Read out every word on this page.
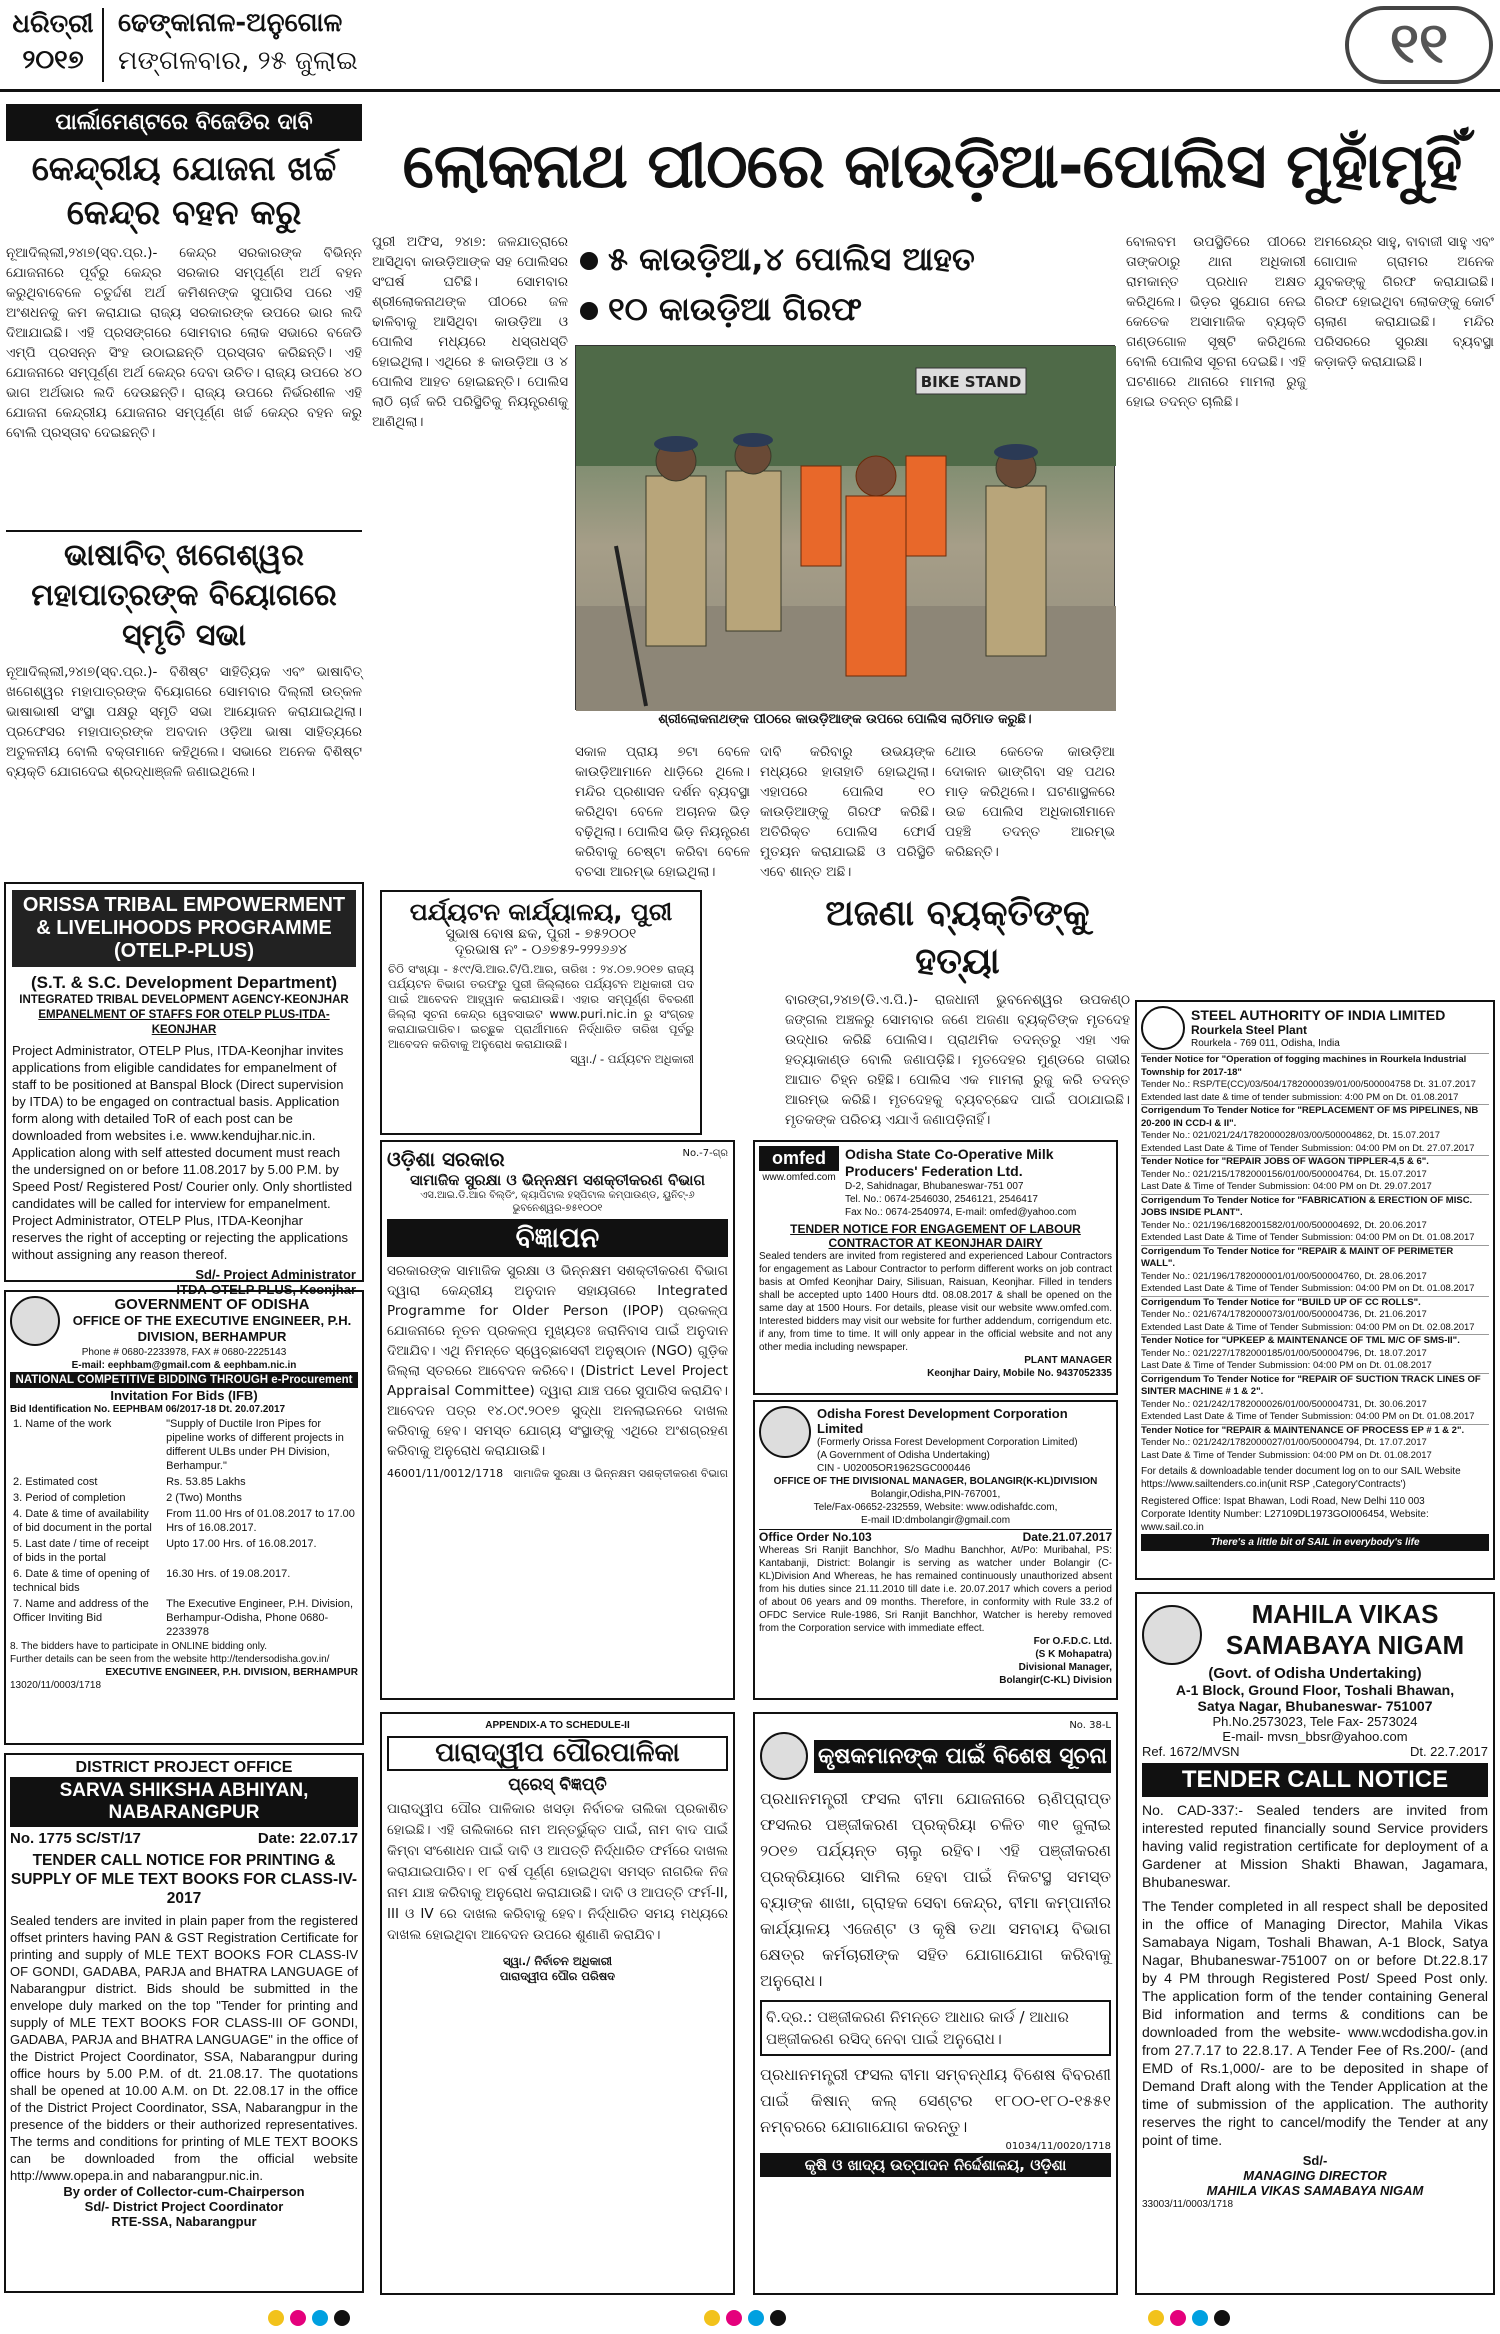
ଧରିତ୍ରୀ
୨୦୧୭
ଢେଙ୍କାନାଳ-ଅନୁଗୋଳ
ମଙ୍ଗଳବାର, ୨୫ ଜୁଲାଇ	୧୧
ପାର୍ଲାମେଣ୍ଟରେ ବିଜେଡିର ଦାବି
କେନ୍ଦ୍ରୀୟ ଯୋଜନା ଖର୍ଚ୍ଚ କେନ୍ଦ୍ର ବହନ କରୁ
ନୂଆଦିଲ୍ଲୀ,୨୪ା୭(ସ୍ବ.ପ୍ର.)- କେନ୍ଦ୍ର ସରକାରଙ୍କ ବିଭିନ୍ନ ଯୋଜନାରେ ପୂର୍ବରୁ କେନ୍ଦ୍ର ସରକାର ସମ୍ପୂର୍ଣ୍ଣ ଅର୍ଥ ବହନ କରୁଥିବାବେଳେ ଚତୁର୍ଦ୍ଦଶ ଅର୍ଥ କମିଶନଙ୍କ ସୁପାରିସ ପରେ ଏହି ଅଂଶଧନକୁ କମ କରାଯାଇ ରାଜ୍ୟ ସରକାରଙ୍କ ଉପରେ ଭାର ଲଦି ଦିଆଯାଇଛି। ଏହି ପ୍ରସଙ୍ଗରେ ସୋମବାର ଲୋକ ସଭାରେ ବଜେଡି ଏମ୍ପି ପ୍ରସନ୍ନ ସିଂହ ଉଠାଇଛନ୍ତି ପ୍ରସ୍ତାବ କରିଛନ୍ତି। ଏହି ଯୋଜନାରେ ସମ୍ପୂର୍ଣ୍ଣ ଅର୍ଥ କେନ୍ଦ୍ର ଦେବା ଉଚିତ। ରାଜ୍ୟ ଉପରେ ୪୦ ଭାଗ ଅର୍ଥଭାର ଲଦି ଦେଉଛନ୍ତି। ରାଜ୍ୟ ଉପରେ ନିର୍ଭରଶୀଳ ଏହି ଯୋଜନା କେନ୍ଦ୍ରୀୟ ଯୋଜନାର ସମ୍ପୂର୍ଣ୍ଣ ଖର୍ଚ୍ଚ କେନ୍ଦ୍ର ବହନ କରୁ ବୋଲି ପ୍ରସ୍ତାବ ଦେଇଛନ୍ତି।
ଭାଷାବିତ୍ ଖଗେଶ୍ୱର ମହାପାତ୍ରଙ୍କ ବିୟୋଗରେ ସ୍ମୃତି ସଭା
ନୂଆଦିଲ୍ଲୀ,୨୪ା୭(ସ୍ବ.ପ୍ର.)- ବିଶିଷ୍ଟ ସାହିତ୍ୟିକ ଏବଂ ଭାଷାବିତ୍ ଖଗେଶ୍ୱର ମହାପାତ୍ରଙ୍କ ବିୟୋଗରେ ସୋମବାର ଦିଲ୍ଲୀ ଉତ୍କଳ ଭାଷାଭାଷୀ ସଂସ୍ଥା ପକ୍ଷରୁ ସ୍ମୃତି ସଭା ଆୟୋଜନ କରାଯାଇଥିଲା। ପ୍ରଫେସର ମହାପାତ୍ରଙ୍କ ଅବଦାନ ଓଡ଼ିଆ ଭାଷା ସାହିତ୍ୟରେ ଅତୁଳନୀୟ ବୋଲି ବକ୍ତାମାନେ କହିଥିଲେ। ସଭାରେ ଅନେକ ବିଶିଷ୍ଟ ବ୍ୟକ୍ତି ଯୋଗଦେଇ ଶ୍ରଦ୍ଧାଞ୍ଜଳି ଜଣାଇଥିଲେ।
ORISSA TRIBAL EMPOWERMENT & LIVELIHOODS PROGRAMME (OTELP-PLUS)
(S.T. & S.C. Development Department)
INTEGRATED TRIBAL DEVELOPMENT AGENCY-KEONJHAR
EMPANELMENT OF STAFFS FOR OTELP PLUS-ITDA-KEONJHAR
Project Administrator, OTELP Plus, ITDA-Keonjhar invites applications from eligible candidates for empanelment of staff to be positioned at Banspal Block (Direct supervision by ITDA) to be engaged on contractual basis. Application form along with detailed ToR of each post can be downloaded from websites i.e. www.kendujhar.nic.in. Application along with self attested document must reach the undersigned on or before 11.08.2017 by 5.00 P.M. by Speed Post/ Registered Post/ Courier only. Only shortlisted candidates will be called for interview for empanelment. Project Administrator, OTELP Plus, ITDA-Keonjhar reserves the right of accepting or rejecting the applications without assigning any reason thereof.
Sd/- Project Administrator
ITDA-OTELP PLUS, Keonjhar
GOVERNMENT OF ODISHA
OFFICE OF THE EXECUTIVE ENGINEER, P.H. DIVISION, BERHAMPUR
Phone # 0680-2233978, FAX # 0680-2225143
E-mail: eephbam@gmail.com & eephbam.nic.in
NATIONAL COMPETITIVE BIDDING THROUGH e-Procurement
Invitation For Bids (IFB)
Bid Identification No. EEPHBAM 06/2017-18 Dt. 20.07.2017
1. Name of the work	"Supply of Ductile Iron Pipes for pipeline works of different projects in different ULBs under PH Division, Berhampur."
2. Estimated cost	Rs. 53.85 Lakhs
3. Period of completion	2 (Two) Months
4. Date & time of availability of bid document in the portal	From 11.00 Hrs of 01.08.2017 to 17.00 Hrs of 16.08.2017.
5. Last date / time of receipt of bids in the portal	Upto 17.00 Hrs. of 16.08.2017.
6. Date & time of opening of technical bids	16.30 Hrs. of 19.08.2017.
7. Name and address of the Officer Inviting Bid	The Executive Engineer, P.H. Division, Berhampur-Odisha, Phone 0680- 2233978
8. The bidders have to participate in ONLINE bidding only.
Further details can be seen from the website http://tendersodisha.gov.in/
EXECUTIVE ENGINEER, P.H. DIVISION, BERHAMPUR
13020/11/0003/1718
DISTRICT PROJECT OFFICE
SARVA SHIKSHA ABHIYAN, NABARANGPUR
No. 1775 SC/ST/17	Date: 22.07.17
TENDER CALL NOTICE FOR PRINTING & SUPPLY OF MLE TEXT BOOKS FOR CLASS-IV-2017
Sealed tenders are invited in plain paper from the registered offset printers having PAN & GST Registration Certificate for printing and supply of MLE TEXT BOOKS FOR CLASS-IV OF GONDI, GADABA, PARJA and BHATRA LANGUAGE of Nabarangpur district. Bids should be submitted in the envelope duly marked on the top "Tender for printing and supply of MLE TEXT BOOKS FOR CLASS-III OF GONDI, GADABA, PARJA and BHATRA LANGUAGE" in the office of the District Project Coordinator, SSA, Nabarangpur during office hours by 5.00 P.M. of dt. 21.08.17. The quotations shall be opened at 10.00 A.M. on Dt. 22.08.17 in the office of the District Project Coordinator, SSA, Nabarangpur in the presence of the bidders or their authorized representatives. The terms and conditions for printing of MLE TEXT BOOKS can be downloaded from the official website http://www.opepa.in and nabarangpur.nic.in.
By order of Collector-cum-Chairperson
Sd/- District Project Coordinator
RTE-SSA, Nabarangpur
ଲୋକନାଥ ପୀଠରେ କାଉଡ଼ିଆ-ପୋଲିସ ମୁହାଁମୁହିଁ
ପୁରୀ ଅଫିସ, ୨୪ା୭: ଜଳଯାତ୍ରାରେ ଆସିଥିବା କାଉଡ଼ିଆଙ୍କ ସହ ପୋଲିସର ସଂଘର୍ଷ ଘଟିଛି। ସୋମବାର ଶ୍ରୀଲୋକନାଥଙ୍କ ପୀଠରେ ଜଳ ଢାଳିବାକୁ ଆସିଥିବା କାଉଡ଼ିଆ ଓ ପୋଲିସ ମଧ୍ୟରେ ଧସ୍ତାଧସ୍ତି ହୋଇଥିଲା। ଏଥିରେ ୫ କାଉଡ଼ିଆ ଓ ୪ ପୋଲିସ ଆହତ ହୋଇଛନ୍ତି। ପୋଲିସ ଲାଠି ଚାର୍ଜ କରି ପରିସ୍ଥିତିକୁ ନିୟନ୍ତ୍ରଣକୁ ଆଣିଥିଲା।
୫ କାଉଡ଼ିଆ,୪ ପୋଲିସ ଆହତ
୧୦ କାଉଡ଼ିଆ ଗିରଫ
BIKE STAND
ଶ୍ରୀଲୋକନାଥଙ୍କ ପୀଠରେ କାଉଡ଼ିଆଙ୍କ ଉପରେ ପୋଲିସ ଲାଠିମାଡ କରୁଛି।
ସକାଳ ପ୍ରାୟ ୭ଟା ବେଳେ କାଉଡ଼ିଆମାନେ ଧାଡ଼ିରେ ଥିଲେ। ମନ୍ଦିର ପ୍ରଶାସନ ଦର୍ଶନ ବ୍ୟବସ୍ଥା କରିଥିବା ବେଳେ ଅଚାନକ ଭିଡ଼ ବଢ଼ିଥିଲା। ପୋଲିସ ଭିଡ଼ ନିୟନ୍ତ୍ରଣ କରିବାକୁ ଚେଷ୍ଟା କରିବା ବେଳେ ବଚସା ଆରମ୍ଭ ହୋଇଥିଲା।
ଦାବି କରିବାରୁ ଉଭୟଙ୍କ ମଧ୍ୟରେ ହାତାହାତି ହୋଇଥିଲା। ଏହାପରେ ପୋଲିସ ୧୦ କାଉଡ଼ିଆଙ୍କୁ ଗିରଫ କରିଛି। ଅତିରିକ୍ତ ପୋଲିସ ଫୋର୍ସ ମୁତୟନ କରାଯାଇଛି ଓ ପରିସ୍ଥିତି ଏବେ ଶାନ୍ତ ଅଛି।
ଥୋଉ କେତେକ କାଉଡ଼ିଆ ଦୋକାନ ଭାଙ୍ଗିବା ସହ ପଥର ମାଡ଼ କରିଥିଲେ। ଘଟଣାସ୍ଥଳରେ ଉଚ୍ଚ ପୋଲିସ ଅଧିକାରୀମାନେ ପହଞ୍ଚି ତଦନ୍ତ ଆରମ୍ଭ କରିଛନ୍ତି।
ବୋଲବମ ଉପସ୍ଥିତିରେ ପୀଠରେ ତାଙ୍କଠାରୁ ଥାନା ଅଧିକାରୀ ରାମକାନ୍ତ ପ୍ରଧାନ ଅକ୍ଷତ କରିଥିଲେ। ଭିଡ଼ର ସୁଯୋଗ ନେଇ କେତେକ ଅସାମାଜିକ ବ୍ୟକ୍ତି ଗଣ୍ଡଗୋଳ ସୃଷ୍ଟି କରିଥିଲେ ବୋଲି ପୋଲିସ ସୂଚନା ଦେଇଛି। ଏହି ଘଟଣାରେ ଥାନାରେ ମାମଲା ରୁଜୁ ହୋଇ ତଦନ୍ତ ଚାଲିଛି।
ଅମରେନ୍ଦ୍ର ସାହୁ, ବାବାଜୀ ସାହୁ ଏବଂ ଗୋପାଳ ଗ୍ରାମର ଅନେକ ଯୁବକଙ୍କୁ ଗିରଫ କରାଯାଇଛି। ଗିରଫ ହୋଇଥିବା ଲୋକଙ୍କୁ କୋର୍ଟ ଚାଲାଣ କରାଯାଇଛି। ମନ୍ଦିର ପରିସରରେ ସୁରକ୍ଷା ବ୍ୟବସ୍ଥା କଡ଼ାକଡ଼ି କରାଯାଇଛି।
ପର୍ଯ୍ୟଟନ କାର୍ଯ୍ୟାଳୟ, ପୁରୀ
ସୁଭାଷ ବୋଷ ଛକ, ପୁରୀ - ୭୫୨୦୦୧
ଦୂରଭାଷ ନଂ - ୦୬୭୫୨-୨୨୨୬୬୪
ଚିଠି ସଂଖ୍ୟା - ୫୯୯/ସି.ଆର.ଟି/ପି.ଆର, ତାରିଖ : ୨୪.୦୭.୨୦୧୭ ରାଜ୍ୟ ପର୍ଯ୍ୟଟନ ବିଭାଗ ତରଫରୁ ପୁରୀ ଜିଲ୍ଲାରେ ପର୍ଯ୍ୟଟନ ଅଧିକାରୀ ପଦ ପାଇଁ ଆବେଦନ ଆହ୍ୱାନ କରାଯାଉଛି। ଏହାର ସମ୍ପୂର୍ଣ୍ଣ ବିବରଣୀ ଜିଲ୍ଲା ସୂଚନା କେନ୍ଦ୍ର ୱେବସାଇଟ www.puri.nic.in ରୁ ସଂଗ୍ରହ କରାଯାଇପାରିବ। ଇଚ୍ଛୁକ ପ୍ରାର୍ଥୀମାନେ ନିର୍ଦ୍ଧାରିତ ତାରିଖ ପୂର୍ବରୁ ଆବେଦନ କରିବାକୁ ଅନୁରୋଧ କରାଯାଉଛି।
ସ୍ୱା./ - ପର୍ଯ୍ୟଟନ ଅଧିକାରୀ
ଅଜଣା ବ୍ୟକ୍ତିଙ୍କୁ ହତ୍ୟା
ବାରଙ୍ଗ,୨୪ା୭(ଡି.ଏ.ପି.)- ରାଜଧାନୀ ଭୁବନେଶ୍ୱର ଉପକଣ୍ଠ ଜଙ୍ଗଲ ଅଞ୍ଚଳରୁ ସୋମବାର ଜଣେ ଅଜଣା ବ୍ୟକ୍ତିଙ୍କ ମୃତଦେହ ଉଦ୍ଧାର କରିଛି ପୋଲିସ। ପ୍ରାଥମିକ ତଦନ୍ତରୁ ଏହା ଏକ ହତ୍ୟାକାଣ୍ଡ ବୋଲି ଜଣାପଡ଼ିଛି। ମୃତଦେହର ମୁଣ୍ଡରେ ଗଭୀର ଆଘାତ ଚିହ୍ନ ରହିଛି। ପୋଲିସ ଏକ ମାମଲା ରୁଜୁ କରି ତଦନ୍ତ ଆରମ୍ଭ କରିଛି। ମୃତଦେହକୁ ବ୍ୟବଚ୍ଛେଦ ପାଇଁ ପଠାଯାଇଛି। ମୃତକଙ୍କ ପରିଚୟ ଏଯାଏଁ ଜଣାପଡ଼ିନାହିଁ।
ଓଡ଼ିଶା ସରକାର	No.-7-ଗ୍ର
ସାମାଜିକ ସୁରକ୍ଷା ଓ ଭିନ୍ନକ୍ଷମ ସଶକ୍ତୀକରଣ ବିଭାଗ
ଏସ.ଆଇ.ଡି.ଆର ବିଲ୍ଡିଂ, କ୍ୟାପିଟାଲ ହସ୍ପିଟାଲ କମ୍ପାଉଣ୍ଡ, ୟୁନିଟ୍-୬ ଭୁବନେଶ୍ୱର-୭୫୧୦୦୧
ବିଜ୍ଞାପନ
ସରକାରଙ୍କ ସାମାଜିକ ସୁରକ୍ଷା ଓ ଭିନ୍ନକ୍ଷମ ସଶକ୍ତୀକରଣ ବିଭାଗ ଦ୍ୱାରା କେନ୍ଦ୍ରୀୟ ଅନୁଦାନ ସହାୟତାରେ Integrated Programme for Older Person (IPOP) ପ୍ରକଳ୍ପ ଯୋଜନାରେ ନୂତନ ପ୍ରକଳ୍ପ ମୁଖ୍ୟତଃ ଜରାନିବାସ ପାଇଁ ଅନୁଦାନ ଦିଆଯିବ। ଏଥି ନିମନ୍ତେ ସ୍ୱେଚ୍ଛାସେବୀ ଅନୁଷ୍ଠାନ (NGO) ଗୁଡ଼ିକ ଜିଲ୍ଲା ସ୍ତରରେ ଆବେଦନ କରିବେ। (District Level Project Appraisal Committee) ଦ୍ୱାରା ଯାଞ୍ଚ ପରେ ସୁପାରିସ କରାଯିବ। ଆବେଦନ ପତ୍ର ୧୪.୦୯.୨୦୧୭ ସୁଦ୍ଧା ଅନଲାଇନରେ ଦାଖଲ କରିବାକୁ ହେବ। ସମସ୍ତ ଯୋଗ୍ୟ ସଂସ୍ଥାଙ୍କୁ ଏଥିରେ ଅଂଶଗ୍ରହଣ କରିବାକୁ ଅନୁରୋଧ କରାଯାଉଛି।
46001/11/0012/1718 ସାମାଜିକ ସୁରକ୍ଷା ଓ ଭିନ୍ନକ୍ଷମ ସଶକ୍ତୀକରଣ ବିଭାଗ
APPENDIX-A TO SCHEDULE-II
ପାରାଦ୍ୱୀପ ପୌରପାଳିକା
ପ୍ରେସ୍ ବିଜ୍ଞପ୍ତି
ପାରାଦ୍ୱୀପ ପୌର ପାଳିକାର ଖସଡ଼ା ନିର୍ବାଚକ ତାଲିକା ପ୍ରକାଶିତ ହୋଇଛି। ଏହି ତାଲିକାରେ ନାମ ଅନ୍ତର୍ଭୁକ୍ତ ପାଇଁ, ନାମ ବାଦ ପାଇଁ କିମ୍ବା ସଂଶୋଧନ ପାଇଁ ଦାବି ଓ ଆପତ୍ତି ନିର୍ଦ୍ଧାରିତ ଫର୍ମରେ ଦାଖଲ କରାଯାଇପାରିବ। ୧୮ ବର୍ଷ ପୂର୍ଣ୍ଣ ହୋଇଥିବା ସମସ୍ତ ନାଗରିକ ନିଜ ନାମ ଯାଞ୍ଚ କରିବାକୁ ଅନୁରୋଧ କରାଯାଉଛି। ଦାବି ଓ ଆପତ୍ତି ଫର୍ମ-II, III ଓ IV ରେ ଦାଖଲ କରିବାକୁ ହେବ। ନିର୍ଦ୍ଧାରିତ ସମୟ ମଧ୍ୟରେ ଦାଖଲ ହୋଇଥିବା ଆବେଦନ ଉପରେ ଶୁଣାଣି କରାଯିବ।
ସ୍ୱା./ ନିର୍ବାଚନ ଅଧିକାରୀ
ପାରାଦ୍ୱୀପ ପୌର ପରିଷଦ
omfed
www.omfed.com
Odisha State Co-Operative Milk Producers' Federation Ltd.
D-2, Sahidnagar, Bhubaneswar-751 007
Tel. No.: 0674-2546030, 2546121, 2546417
Fax No.: 0674-2540974, E-mail: omfed@yahoo.com
TENDER NOTICE FOR ENGAGEMENT OF LABOUR CONTRACTOR AT KEONJHAR DAIRY
Sealed tenders are invited from registered and experienced Labour Contractors for engagement as Labour Contractor to perform different works on job contract basis at Omfed Keonjhar Dairy, Silisuan, Raisuan, Keonjhar. Filled in tenders shall be accepted upto 1400 Hours dtd. 08.08.2017 & shall be opened on the same day at 1500 Hours. For details, please visit our website www.omfed.com. Interested bidders may visit our website for further addendum, corrigendum etc. if any, from time to time. It will only appear in the official website and not any other media including newspaper.
PLANT MANAGER
Keonjhar Dairy, Mobile No. 9437052335
Odisha Forest Development Corporation Limited
(Formerly Orissa Forest Development Corporation Limited)
(A Government of Odisha Undertaking)
CIN - U02005OR1962SGC000446
OFFICE OF THE DIVISIONAL MANAGER, BOLANGIR(K-KL)DIVISION
Bolangir,Odisha,PIN-767001,
Tele/Fax-06652-232559, Website: www.odishafdc.com,
E-mail ID:dmbolangir@gmail.com
Office Order No.103	Date.21.07.2017
Whereas Sri Ranjit Banchhor, S/o Madhu Banchhor, At/Po: Muribahal, PS: Kantabanji, District: Bolangir is serving as watcher under Bolangir (C-KL)Division And Whereas, he has remained continuously unauthorized absent from his duties since 21.11.2010 till date i.e. 20.07.2017 which covers a period of about 06 years and 09 months. Therefore, in conformity with Rule 33.2 of OFDC Service Rule-1986, Sri Ranjit Banchhor, Watcher is hereby removed from the Corporation service with immediate effect.
For O.F.D.C. Ltd.
(S K Mohapatra)
Divisional Manager,
Bolangir(C-KL) Division
No. 38-L
କୃଷକମାନଙ୍କ ପାଇଁ ବିଶେଷ ସୂଚନା
ପ୍ରଧାନମନ୍ତ୍ରୀ ଫସଲ ବୀମା ଯୋଜନାରେ ଋଣିପ୍ରାପ୍ତ ଫସଲର ପଞ୍ଜୀକରଣ ପ୍ରକ୍ରିୟା ଚଳିତ ୩୧ ଜୁଲାଇ ୨୦୧୭ ପର୍ଯ୍ୟନ୍ତ ଚାଲୁ ରହିବ। ଏହି ପଞ୍ଜୀକରଣ ପ୍ରକ୍ରିୟାରେ ସାମିଲ ହେବା ପାଇଁ ନିକଟସ୍ଥ ସମସ୍ତ ବ୍ୟାଙ୍କ ଶାଖା, ଗ୍ରାହକ ସେବା କେନ୍ଦ୍ର, ବୀମା କମ୍ପାନୀର କାର୍ଯ୍ୟାଳୟ ଏଜେଣ୍ଟ ଓ କୃଷି ତଥା ସମବାୟ ବିଭାଗ କ୍ଷେତ୍ର କର୍ମଚାରୀଙ୍କ ସହିତ ଯୋଗାଯୋଗ କରିବାକୁ ଅନୁରୋଧ।
ବି.ଦ୍ର.: ପଞ୍ଜୀକରଣ ନିମନ୍ତେ ଆଧାର କାର୍ଡ / ଆଧାର ପଞ୍ଜୀକରଣ ରସିଦ୍ ନେବା ପାଇଁ ଅନୁରୋଧ।
ପ୍ରଧାନମନ୍ତ୍ରୀ ଫସଲ ବୀମା ସମ୍ବନ୍ଧୀୟ ବିଶେଷ ବିବରଣୀ ପାଇଁ କିଷାନ୍ କଲ୍ ସେଣ୍ଟର ୧୮୦୦-୧୮୦-୧୫୫୧ ନମ୍ବରରେ ଯୋଗାଯୋଗ କରନ୍ତୁ।
01034/11/0020/1718
କୃଷି ଓ ଖାଦ୍ୟ ଉତ୍ପାଦନ ନିର୍ଦ୍ଦେଶାଳୟ, ଓଡ଼ିଶା
STEEL AUTHORITY OF INDIA LIMITED
Rourkela Steel Plant
Rourkela - 769 011, Odisha, India
Tender Notice for "Operation of fogging machines in Rourkela Industrial Township for 2017-18"
Tender No.: RSP/TE(CC)/03/504/1782000039/01/00/500004758 Dt. 31.07.2017
Extended last date & time of tender submission: 4:00 PM on Dt. 01.08.2017
Corrigendum To Tender Notice for "REPLACEMENT OF MS PIPELINES, NB 20-200 IN CCD-I & II".
Tender No.: 021/021/24/1782000028/03/00/500004862, Dt. 15.07.2017
Extended Last Date & Time of Tender Submission: 04:00 PM on Dt. 27.07.2017
Tender Notice for "REPAIR JOBS OF WAGON TIPPLER-4,5 & 6".
Tender No.: 021/215/1782000156/01/00/500004764, Dt. 15.07.2017
Last Date & Time of Tender Submission: 04:00 PM on Dt. 29.07.2017
Corrigendum To Tender Notice for "FABRICATION & ERECTION OF MISC. JOBS INSIDE PLANT".
Tender No.: 021/196/1682001582/01/00/500004692, Dt. 20.06.2017
Extended Last Date & Time of Tender Submission: 04:00 PM on Dt. 01.08.2017
Corrigendum To Tender Notice for "REPAIR & MAINT OF PERIMETER WALL".
Tender No.: 021/196/1782000001/01/00/500004760, Dt. 28.06.2017
Extended Last Date & Time of Tender Submission: 04:00 PM on Dt. 01.08.2017
Corrigendum To Tender Notice for "BUILD UP OF CC ROLLS".
Tender No.: 021/674/1782000073/01/00/500004736, Dt. 21.06.2017
Extended Last Date & Time of Tender Submission: 04:00 PM on Dt. 02.08.2017
Tender Notice for "UPKEEP & MAINTENANCE OF TML M/C OF SMS-II".
Tender No.: 021/227/1782000185/01/00/500004796, Dt. 18.07.2017
Last Date & Time of Tender Submission: 04:00 PM on Dt. 01.08.2017
Corrigendum To Tender Notice for "REPAIR OF SUCTION TRACK LINES OF SINTER MACHINE # 1 & 2".
Tender No.: 021/242/1782000026/01/00/500004731, Dt. 30.06.2017
Extended Last Date & Time of Tender Submission: 04:00 PM on Dt. 01.08.2017
Tender Notice for "REPAIR & MAINTENANCE OF PROCESS EP # 1 & 2".
Tender No.: 021/242/1782000027/01/00/500004794, Dt. 17.07.2017
Last Date & Time of Tender Submission: 04:00 PM on Dt. 01.08.2017
For details & downloadable tender document log on to our SAIL Website https://www.sailtenders.co.in(unit RSP ,Category'Contracts')
Registered Office: Ispat Bhawan, Lodi Road, New Delhi 110 003
Corporate Identity Number: L27109DL1973GOI006454, Website: www.sail.co.in
There's a little bit of SAIL in everybody's life
MAHILA VIKAS
SAMABAYA NIGAM
(Govt. of Odisha Undertaking)
A-1 Block, Ground Floor, Toshali Bhawan,
Satya Nagar, Bhubaneswar- 751007
Ph.No.2573023, Tele Fax- 2573024
E-mail- mvsn_bbsr@yahoo.com
Ref. 1672/MVSN	Dt. 22.7.2017
TENDER CALL NOTICE
No. CAD-337:- Sealed tenders are invited from interested reputed financially sound Service providers having valid registration certificate for deployment of a Gardener at Mission Shakti Bhawan, Jagamara, Bhubaneswar.
The Tender completed in all respect shall be deposited in the office of Managing Director, Mahila Vikas Samabaya Nigam, Toshali Bhawan, A-1 Block, Satya Nagar, Bhubaneswar-751007 on or before Dt.22.8.17 by 4 PM through Registered Post/ Speed Post only. The application form of the tender containing General Bid information and terms & conditions can be downloaded from the website- www.wcdodisha.gov.in from 27.7.17 to 22.8.17. A Tender Fee of Rs.200/- (and EMD of Rs.1,000/- are to be deposited in shape of Demand Draft along with the Tender Application at the time of submission of the application. The authority reserves the right to cancel/modify the Tender at any point of time.
Sd/-
MANAGING DIRECTOR
MAHILA VIKAS SAMABAYA NIGAM
33003/11/0003/1718
